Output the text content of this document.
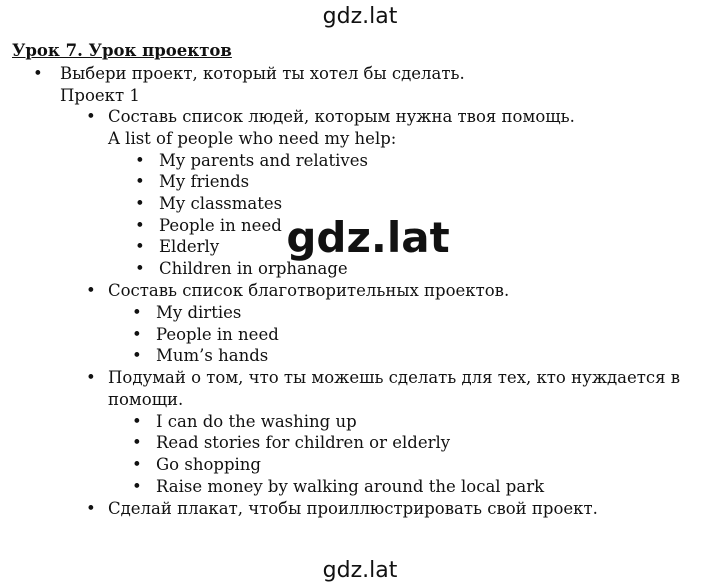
gdz.lat
Урок 7. Урок проектов
• Выбери проект, который ты хотел бы сделать.
Проект 1
• Составь список людей, которым нужна твоя помощь.
A list of people who need my help:
• My parents and relatives
• My friends
• My classmates
• People in need
• Elderly
• Children in orphanage
• Составь список благотворительных проектов.
• My dirties
• People in need
• Mum’s hands
• Подумай о том, что ты можешь сделать для тех, кто нуждается в
помощи.
• I can do the washing up
• Read stories for children or elderly
• Go shopping
• Raise money by walking around the local park
• Сделай плакат, чтобы проиллюстрировать свой проект.
gdz.lat
gdz.lat
